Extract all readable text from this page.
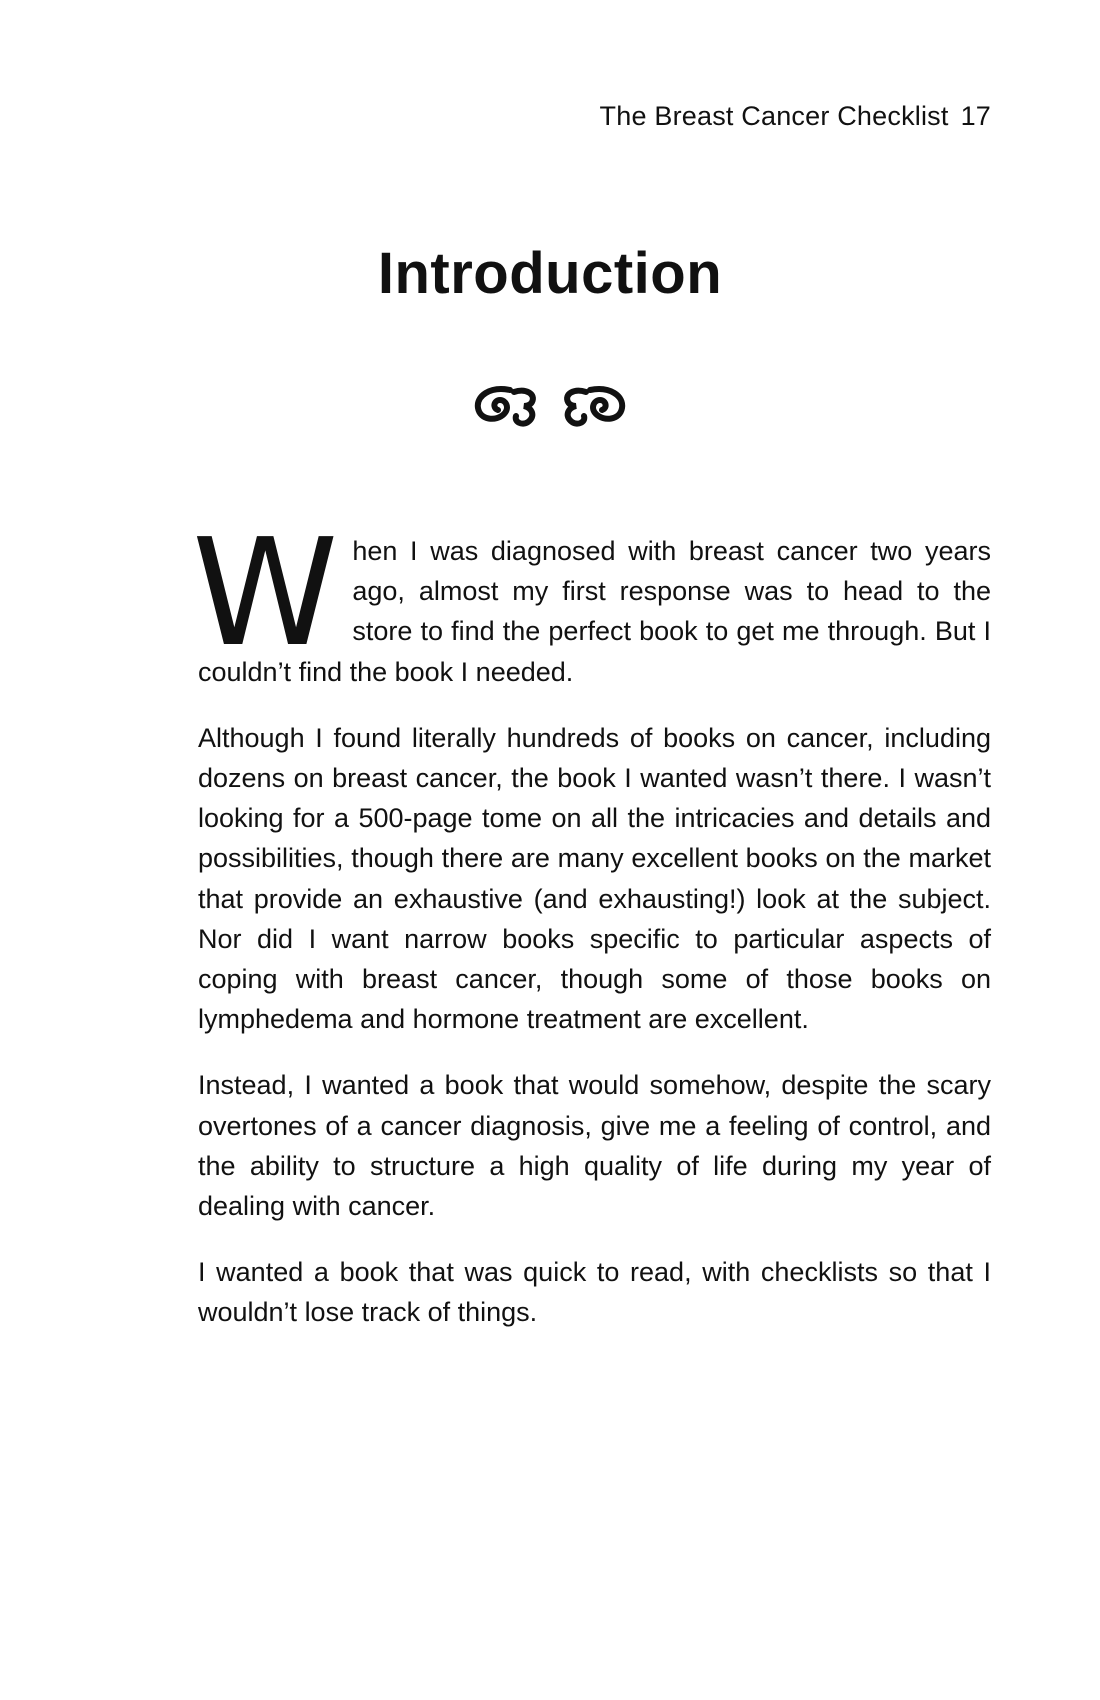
The Breast Cancer Checklist 17
Introduction

When I was diagnosed with breast cancer two years ago, almost my first response was to head to the store to find the perfect book to get me through. But I couldn’t find the book I needed.

Although I found literally hundreds of books on cancer, including dozens on breast cancer, the book I wanted wasn’t there. I wasn’t looking for a 500-page tome on all the intricacies and details and possibilities, though there are many excellent books on the market that provide an exhaustive (and exhausting!) look at the subject. Nor did I want narrow books specific to particular aspects of coping with breast cancer, though some of those books on lymphedema and hormone treatment are excellent.

Instead, I wanted a book that would somehow, despite the scary overtones of a cancer diagnosis, give me a feeling of control, and the ability to structure a high quality of life during my year of dealing with cancer.

I wanted a book that was quick to read, with checklists so that I wouldn’t lose track of things.
